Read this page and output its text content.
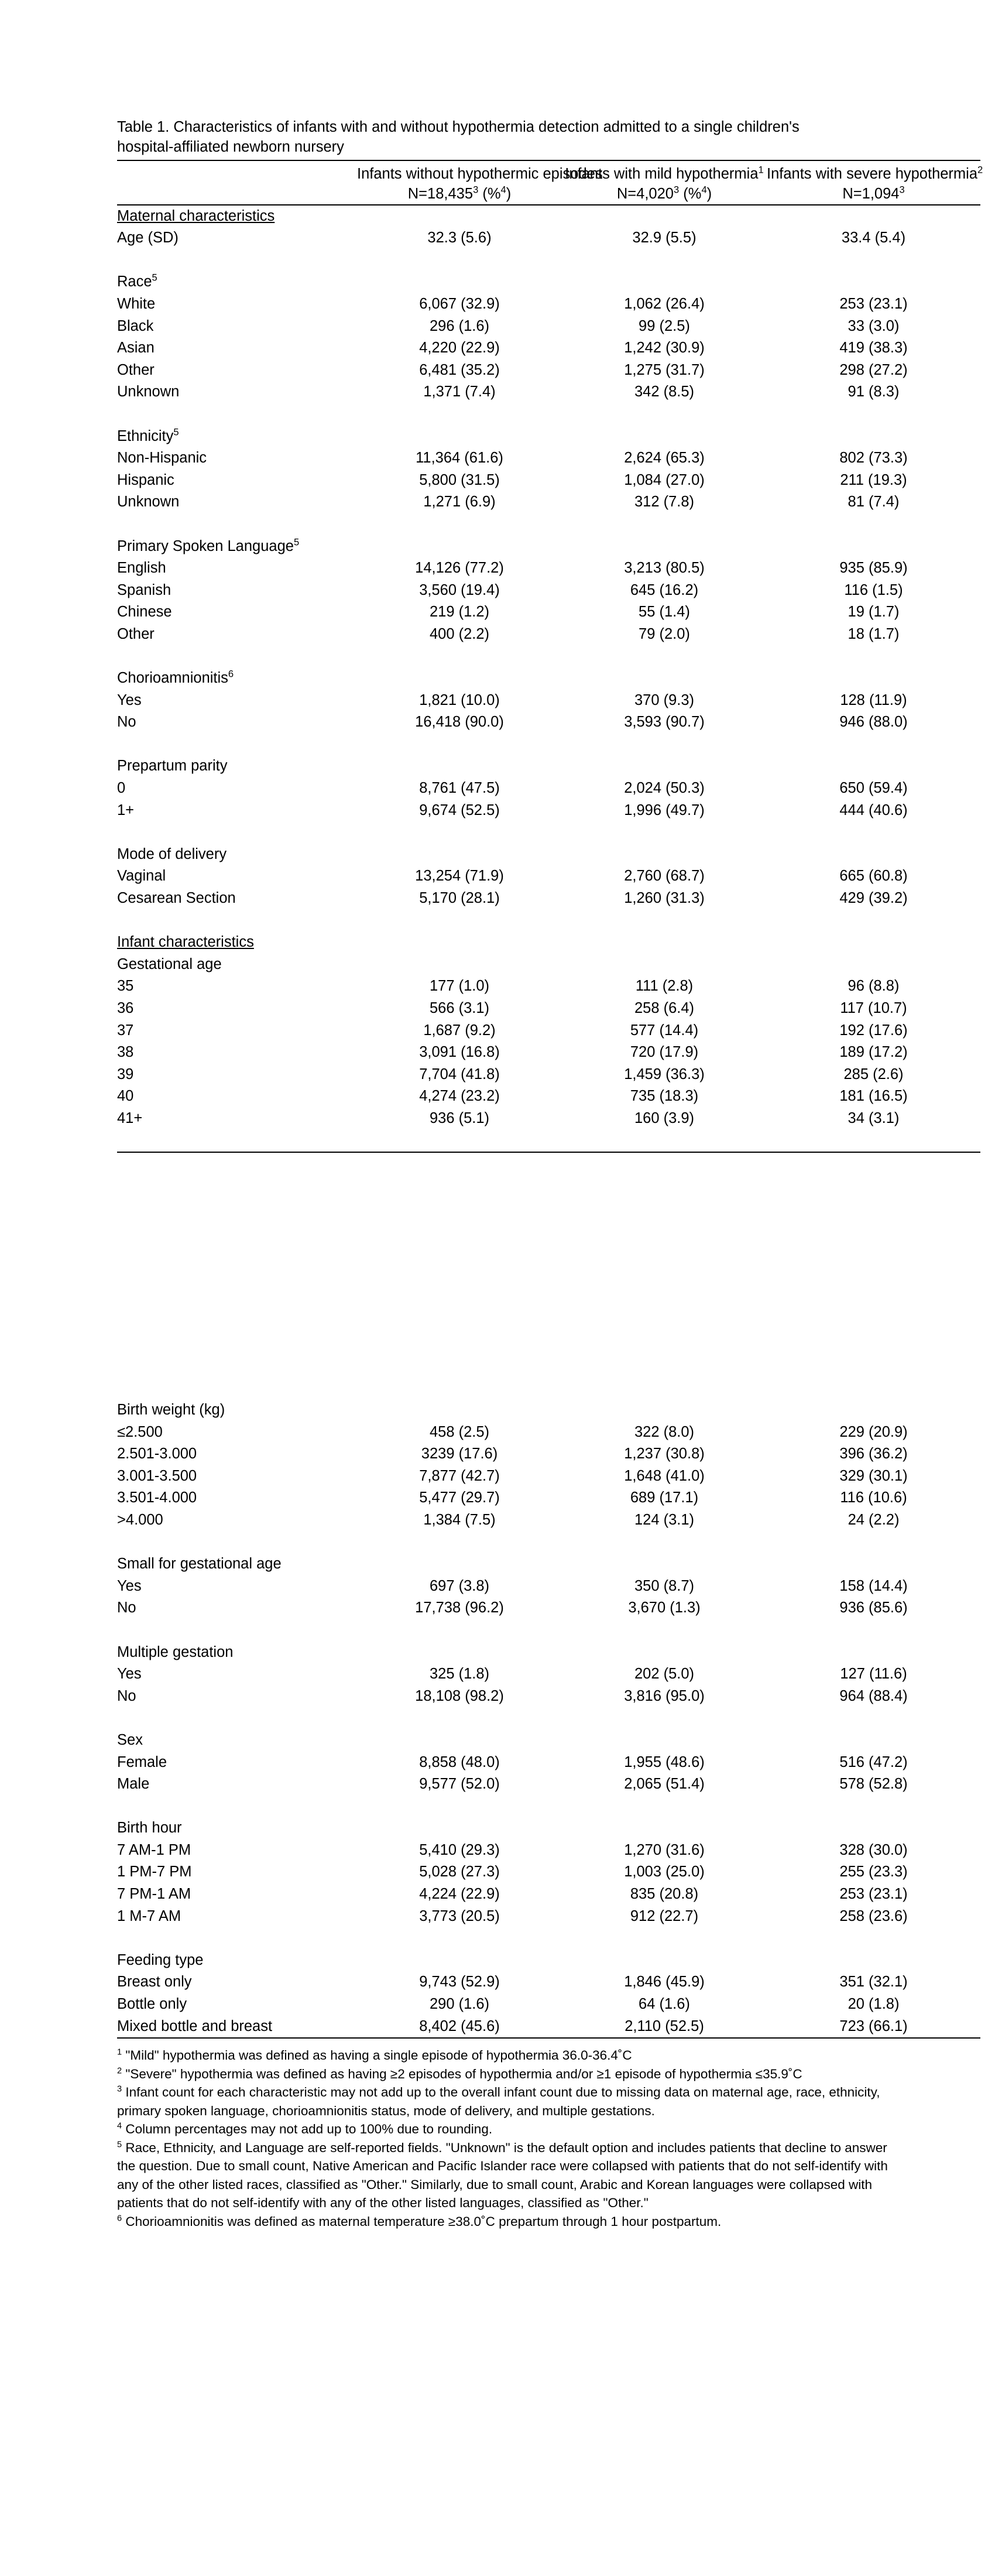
Table 1. Characteristics of infants with and without hypothermia detection admitted to a single children's hospital-affiliated newborn nursery
	Infants without hypothermic episodes	Infants with mild hypothermia$^1$	Infants with severe hypothermia$^2$
	$N=18,435^3$ (%$^4$)	$N=4,020^3$ (%$^4$)	$N=1,094^3$
Maternal characteristics			
Age (SD)	32.3 (5.6)	32.9 (5.5)	33.4 (5.4)

Race$^5$
White	6,067 (32.9)	1,062 (26.4)	253 (23.1)
Black	296 (1.6)	99 (2.5)	33 (3.0)
Asian	4,220 (22.9)	1,242 (30.9)	419 (38.3)
Other	6,481 (35.2)	1,275 (31.7)	298 (27.2)
Unknown	1,371 (7.4)	342 (8.5)	91 (8.3)

Ethnicity$^5$
Non-Hispanic	11,364 (61.6)	2,624 (65.3)	802 (73.3)
Hispanic	5,800 (31.5)	1,084 (27.0)	211 (19.3)
Unknown	1,271 (6.9)	312 (7.8)	81 (7.4)

Primary Spoken Language$^5$
English	14,126 (77.2)	3,213 (80.5)	935 (85.9)
Spanish	3,560 (19.4)	645 (16.2)	116 (1.5)
Chinese	219 (1.2)	55 (1.4)	19 (1.7)
Other	400 (2.2)	79 (2.0)	18 (1.7)

Chorioamnionitis$^6$
Yes	1,821 (10.0)	370 (9.3)	128 (11.9)
No	16,418 (90.0)	3,593 (90.7)	946 (88.0)

Prepartum parity			
0	8,761 (47.5)	2,024 (50.3)	650 (59.4)
1+	9,674 (52.5)	1,996 (49.7)	444 (40.6)

Mode of delivery			
Vaginal	13,254 (71.9)	2,760 (68.7)	665 (60.8)
Cesarean Section	5,170 (28.1)	1,260 (31.3)	429 (39.2)

Infant characteristics			
Gestational age			
35	177 (1.0)	111 (2.8)	96 (8.8)
36	566 (3.1)	258 (6.4)	117 (10.7)
37	1,687 (9.2)	577 (14.4)	192 (17.6)
38	3,091 (16.8)	720 (17.9)	189 (17.2)
39	7,704 (41.8)	1,459 (36.3)	285 (2.6)
40	4,274 (23.2)	735 (18.3)	181 (16.5)
41+	936 (5.1)	160 (3.9)	34 (3.1)

Birth weight (kg)			
≤2.500	458 (2.5)	322 (8.0)	229 (20.9)
2.501-3.000	3239 (17.6)	1,237 (30.8)	396 (36.2)
3.001-3.500	7,877 (42.7)	1,648 (41.0)	329 (30.1)
3.501-4.000	5,477 (29.7)	689 (17.1)	116 (10.6)
>4.000	1,384 (7.5)	124 (3.1)	24 (2.2)

Small for gestational age			
Yes	697 (3.8)	350 (8.7)	158 (14.4)
No	17,738 (96.2)	3,670 (1.3)	936 (85.6)

Multiple gestation			
Yes	325 (1.8)	202 (5.0)	127 (11.6)
No	18,108 (98.2)	3,816 (95.0)	964 (88.4)

Sex			
Female	8,858 (48.0)	1,955 (48.6)	516 (47.2)
Male	9,577 (52.0)	2,065 (51.4)	578 (52.8)

Birth hour			
7 AM-1 PM	5,410 (29.3)	1,270 (31.6)	328 (30.0)
1 PM-7 PM	5,028 (27.3)	1,003 (25.0)	255 (23.3)
7 PM-1 AM	4,224 (22.9)	835 (20.8)	253 (23.1)
1 M-7 AM	3,773 (20.5)	912 (22.7)	258 (23.6)

Feeding type			
Breast only	9,743 (52.9)	1,846 (45.9)	351 (32.1)
Bottle only	290 (1.6)	64 (1.6)	20 (1.8)
Mixed bottle and breast	8,402 (45.6)	2,110 (52.5)	723 (66.1)

$^1$ "Mild" hypothermia was defined as having a single episode of hypothermia 36.0-36.4˚C

$^2$ "Severe" hypothermia was defined as having ≥2 episodes of hypothermia and/or ≥1 episode of hypothermia ≤35.9˚C

$^3$ Infant count for each characteristic may not add up to the overall infant count due to missing data on maternal age, race, ethnicity, primary spoken language, chorioamnionitis status, mode of delivery, and multiple gestations.

$^4$ Column percentages may not add up to 100% due to rounding.

$^5$ Race, Ethnicity, and Language are self-reported fields. "Unknown" is the default option and includes patients that decline to answer the question. Due to small count, Native American and Pacific Islander race were collapsed with patients that do not self-identify with any of the other listed races, classified as "Other." Similarly, due to small count, Arabic and Korean languages were collapsed with patients that do not self-identify with any of the other listed languages, classified as "Other."

$^6$ Chorioamnionitis was defined as maternal temperature ≥38.0˚C prepartum through 1 hour postpartum.
